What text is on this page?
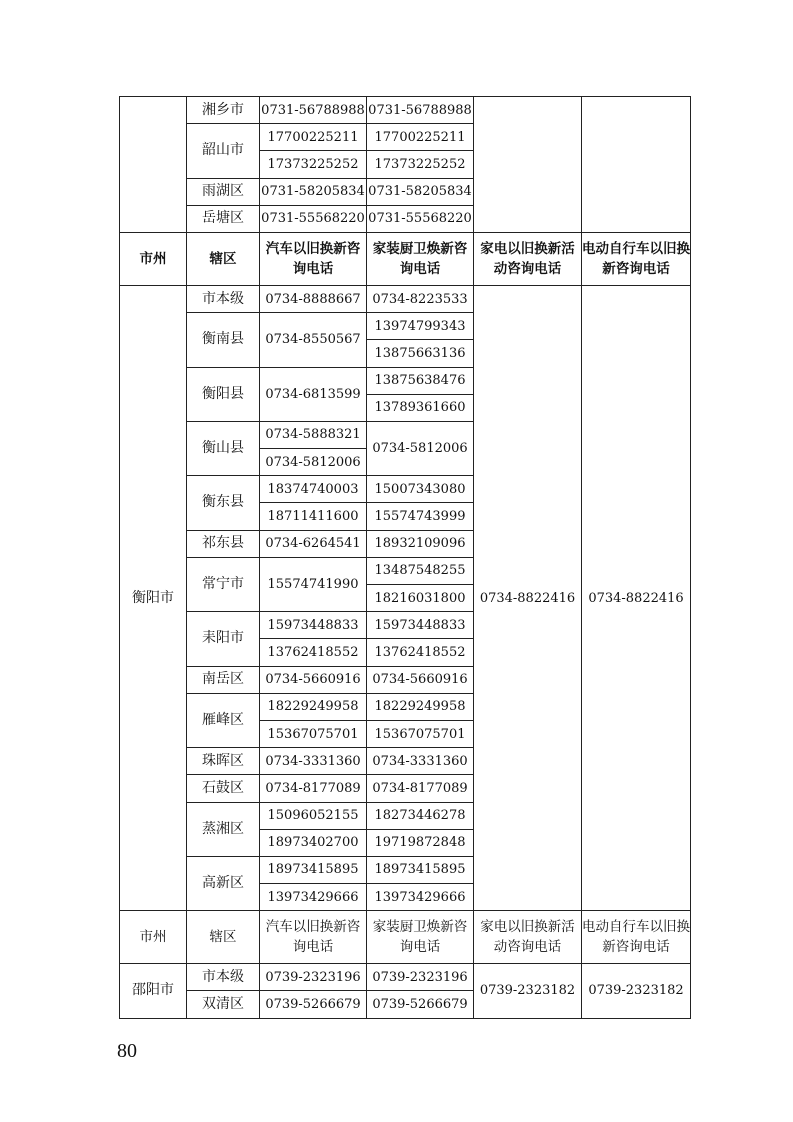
	湘乡市	0731-56788988	0731-56788988		
	韶山市	17700225211	17700225211		
		17373225252	17373225252		
	雨湖区	0731-58205834	0731-58205834		
	岳塘区	0731-55568220	0731-55568220		
市州	辖区	汽车以旧换新咨询电话	家装厨卫焕新咨询电话	家电以旧换新活动咨询电话	电动自行车以旧换新咨询电话
衡阳市	市本级	0734-8888667	0734-8223533	0734-8822416	0734-8822416
	衡南县	0734-8550567	13974799343		
			13875663136		
	衡阳县	0734-6813599	13875638476		
			13789361660		
	衡山县	0734-5888321	0734-5812006		
		0734-5812006			
	衡东县	18374740003	15007343080		
		18711411600	15574743999		
	祁东县	0734-6264541	18932109096		
	常宁市	15574741990	13487548255		
			18216031800		
	耒阳市	15973448833	15973448833		
		13762418552	13762418552		
	南岳区	0734-5660916	0734-5660916		
	雁峰区	18229249958	18229249958		
		15367075701	15367075701		
	珠晖区	0734-3331360	0734-3331360		
	石鼓区	0734-8177089	0734-8177089		
	蒸湘区	15096052155	18273446278		
		18973402700	19719872848		
	高新区	18973415895	18973415895		
		13973429666	13973429666		
市州	辖区	汽车以旧换新咨询电话	家装厨卫焕新咨询电话	家电以旧换新活动咨询电话	电动自行车以旧换新咨询电话
邵阳市	市本级	0739-2323196	0739-2323196	0739-2323182	0739-2323182
	双清区	0739-5266679	0739-5266679		
80
